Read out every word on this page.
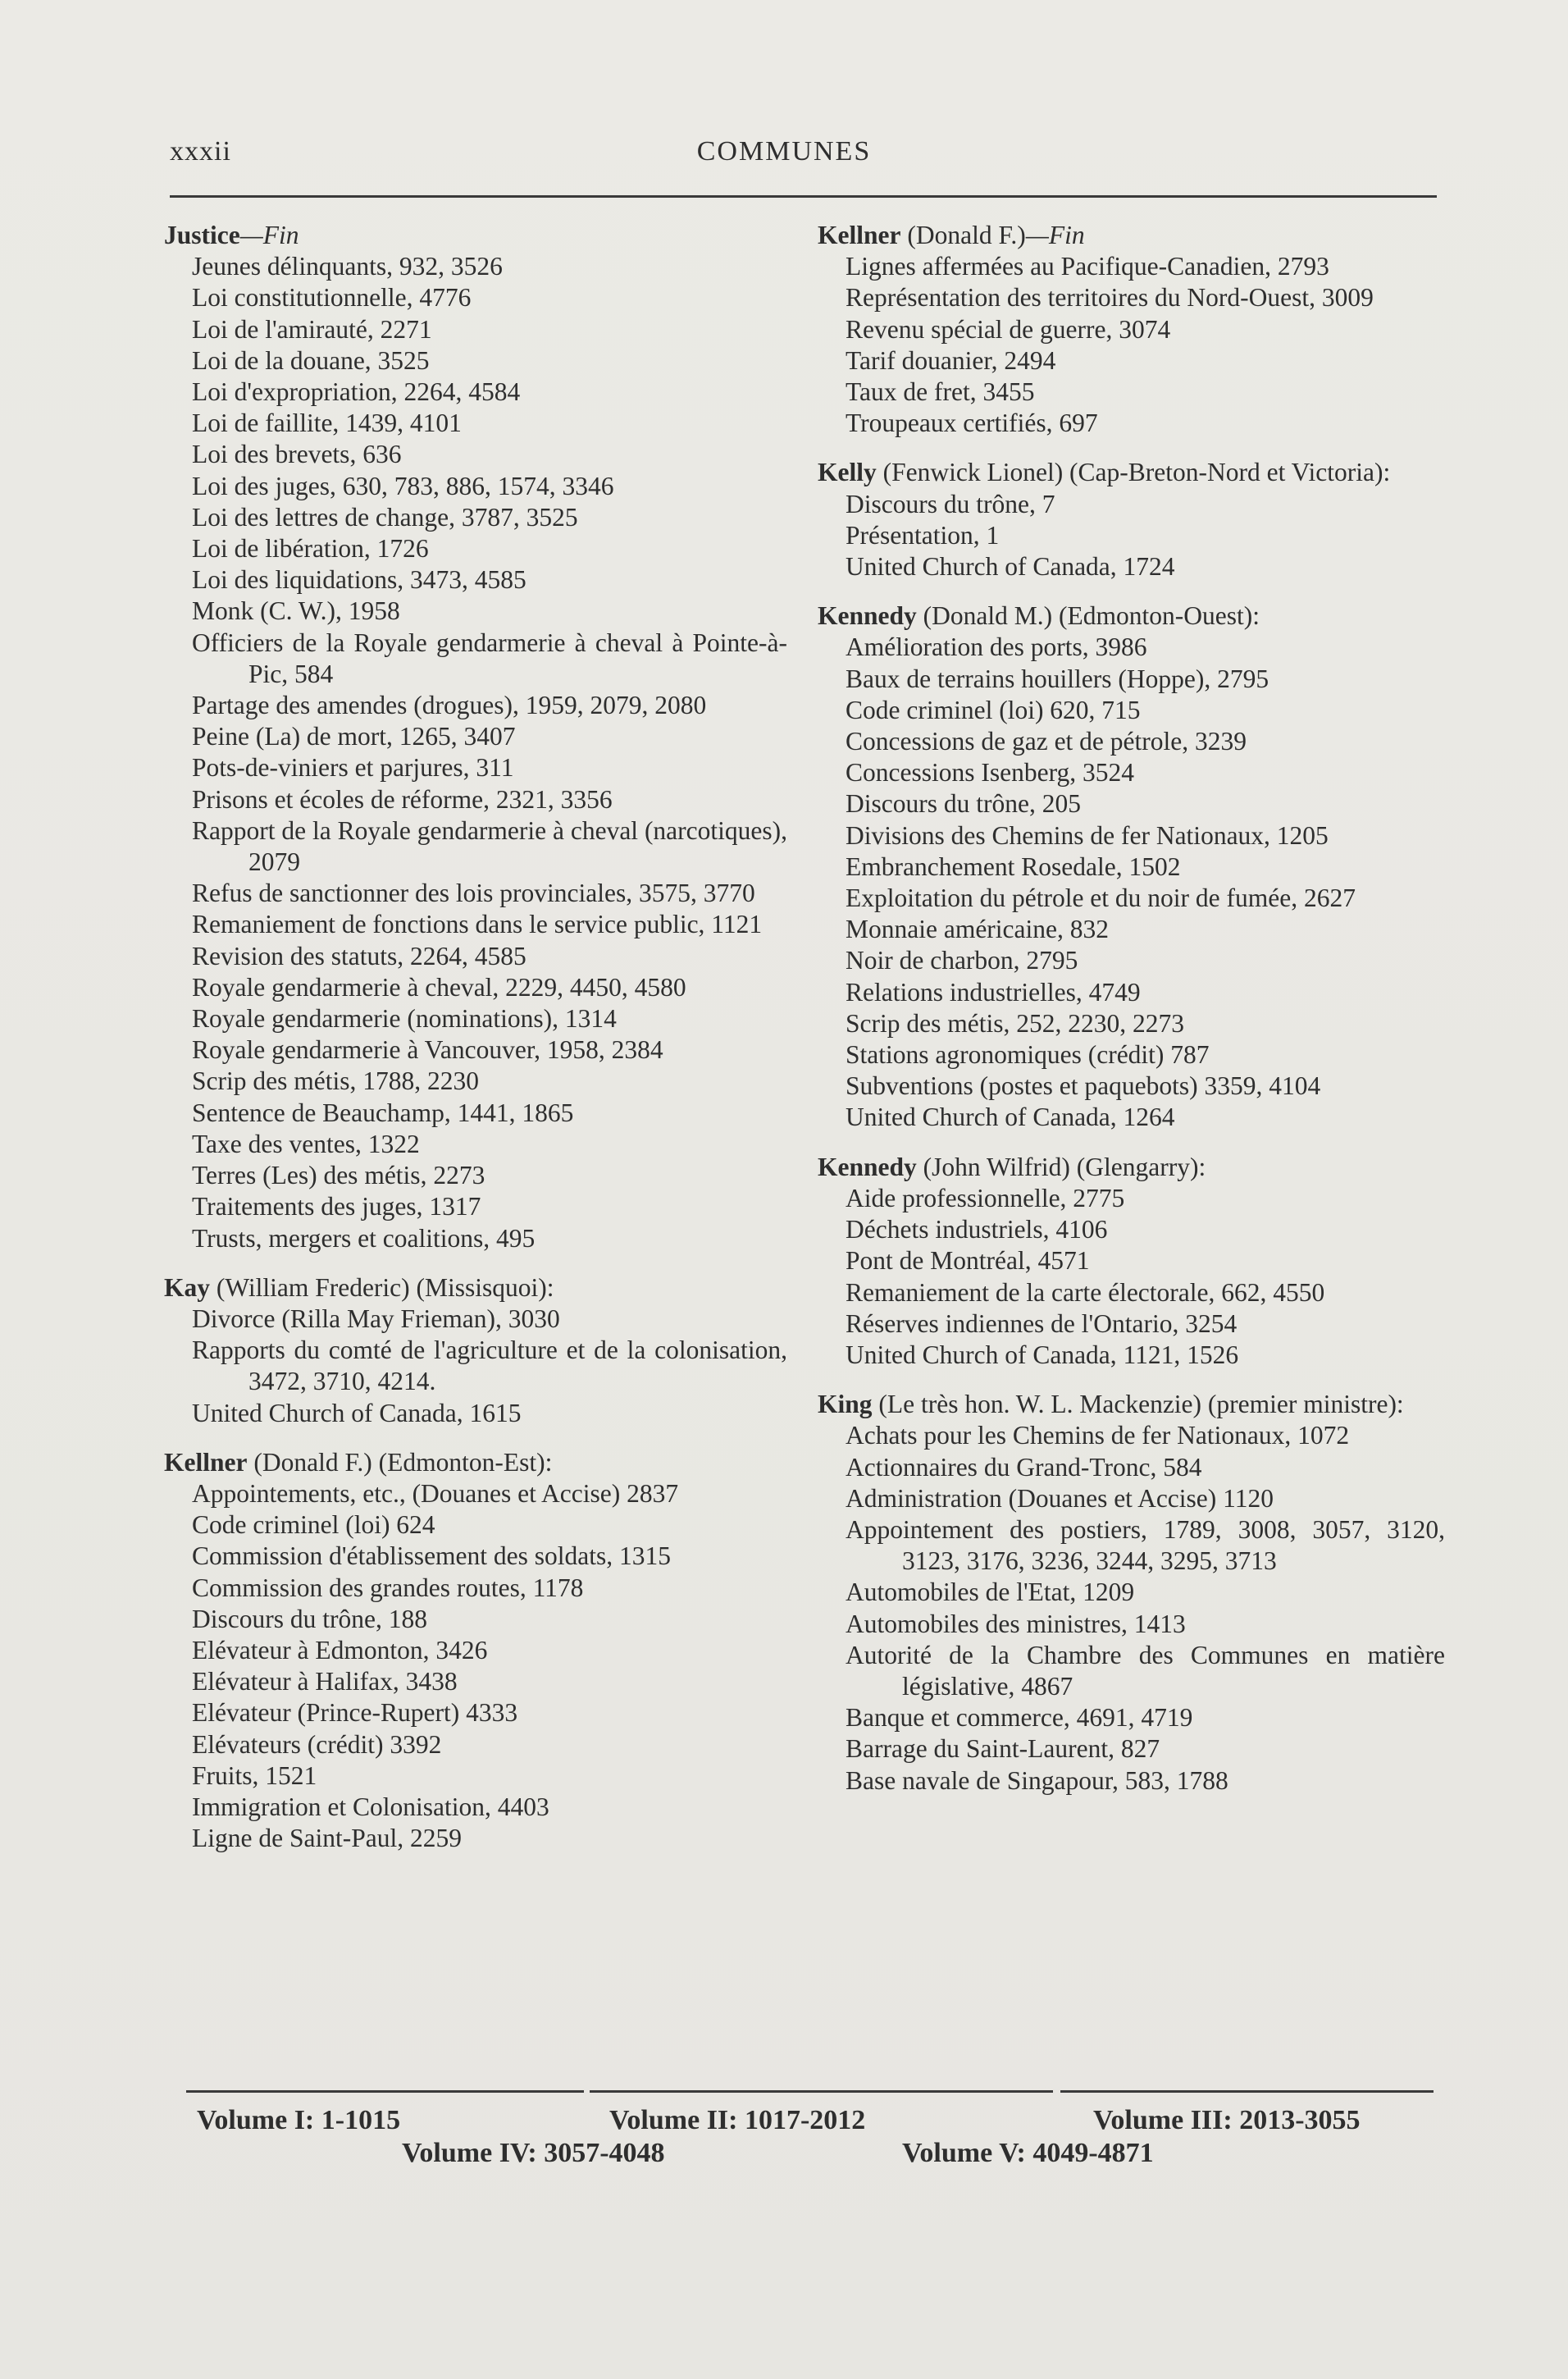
xxxii	COMMUNES
Justice—Fin
Jeunes délinquants, 932, 3526
Loi constitutionnelle, 4776
Loi de l'amirauté, 2271
Loi de la douane, 3525
Loi d'expropriation, 2264, 4584
Loi de faillite, 1439, 4101
Loi des brevets, 636
Loi des juges, 630, 783, 886, 1574, 3346
Loi des lettres de change, 3787, 3525
Loi de libération, 1726
Loi des liquidations, 3473, 4585
Monk (C. W.), 1958
Officiers de la Royale gendarmerie à cheval à Pointe-à-Pic, 584
Partage des amendes (drogues), 1959, 2079, 2080
Peine (La) de mort, 1265, 3407
Pots-de-viniers et parjures, 311
Prisons et écoles de réforme, 2321, 3356
Rapport de la Royale gendarmerie à cheval (narcotiques), 2079
Refus de sanctionner des lois provinciales, 3575, 3770
Remaniement de fonctions dans le service public, 1121
Revision des statuts, 2264, 4585
Royale gendarmerie à cheval, 2229, 4450, 4580
Royale gendarmerie (nominations), 1314
Royale gendarmerie à Vancouver, 1958, 2384
Scrip des métis, 1788, 2230
Sentence de Beauchamp, 1441, 1865
Taxe des ventes, 1322
Terres (Les) des métis, 2273
Traitements des juges, 1317
Trusts, mergers et coalitions, 495
Kay (William Frederic) (Missisquoi):
Divorce (Rilla May Frieman), 3030
Rapports du comté de l'agriculture et de la colonisation, 3472, 3710, 4214.
United Church of Canada, 1615
Kellner (Donald F.) (Edmonton-Est):
Appointements, etc., (Douanes et Accise) 2837
Code criminel (loi) 624
Commission d'établissement des soldats, 1315
Commission des grandes routes, 1178
Discours du trône, 188
Elévateur à Edmonton, 3426
Elévateur à Halifax, 3438
Elévateur (Prince-Rupert) 4333
Elévateurs (crédit) 3392
Fruits, 1521
Immigration et Colonisation, 4403
Ligne de Saint-Paul, 2259
Kellner (Donald F.)—Fin
Lignes affermées au Pacifique-Canadien, 2793
Représentation des territoires du Nord-Ouest, 3009
Revenu spécial de guerre, 3074
Tarif douanier, 2494
Taux de fret, 3455
Troupeaux certifiés, 697
Kelly (Fenwick Lionel) (Cap-Breton-Nord et Victoria):
Discours du trône, 7
Présentation, 1
United Church of Canada, 1724
Kennedy (Donald M.) (Edmonton-Ouest):
Amélioration des ports, 3986
Baux de terrains houillers (Hoppe), 2795
Code criminel (loi) 620, 715
Concessions de gaz et de pétrole, 3239
Concessions Isenberg, 3524
Discours du trône, 205
Divisions des Chemins de fer Nationaux, 1205
Embranchement Rosedale, 1502
Exploitation du pétrole et du noir de fumée, 2627
Monnaie américaine, 832
Noir de charbon, 2795
Relations industrielles, 4749
Scrip des métis, 252, 2230, 2273
Stations agronomiques (crédit) 787
Subventions (postes et paquebots) 3359, 4104
United Church of Canada, 1264
Kennedy (John Wilfrid) (Glengarry):
Aide professionnelle, 2775
Déchets industriels, 4106
Pont de Montréal, 4571
Remaniement de la carte électorale, 662, 4550
Réserves indiennes de l'Ontario, 3254
United Church of Canada, 1121, 1526
King (Le très hon. W. L. Mackenzie) (premier ministre):
Achats pour les Chemins de fer Nationaux, 1072
Actionnaires du Grand-Tronc, 584
Administration (Douanes et Accise) 1120
Appointement des postiers, 1789, 3008, 3057, 3120, 3123, 3176, 3236, 3244, 3295, 3713
Automobiles de l'Etat, 1209
Automobiles des ministres, 1413
Autorité de la Chambre des Communes en matière législative, 4867
Banque et commerce, 4691, 4719
Barrage du Saint-Laurent, 827
Base navale de Singapour, 583, 1788
Volume I: 1-1015	Volume II: 1017-2012	Volume III: 2013-3055
Volume IV: 3057-4048	Volume V: 4049-4871
